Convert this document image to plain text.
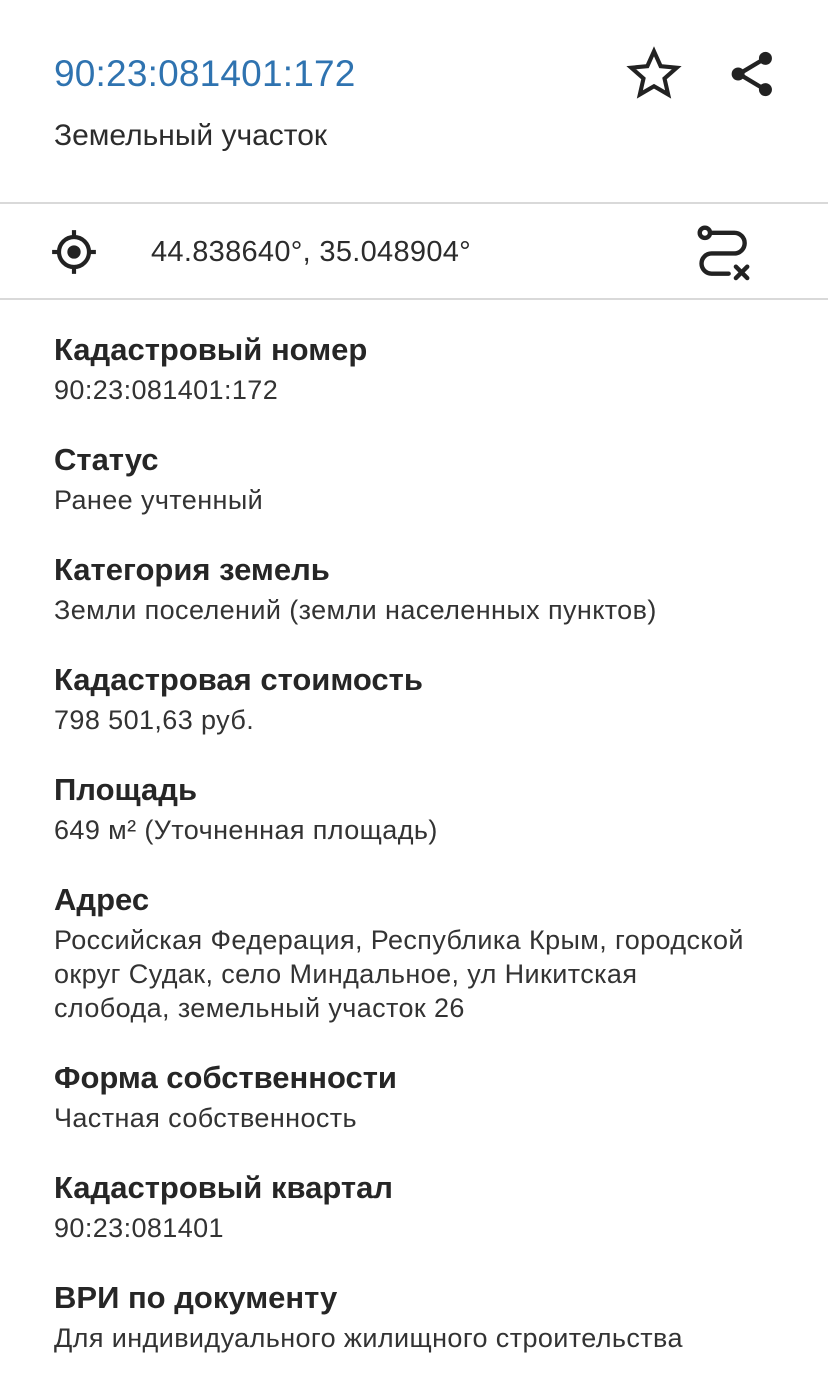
90:23:081401:172
Земельный участок
44.838640°, 35.048904°
Кадастровый номер
90:23:081401:172
Статус
Ранее учтенный
Категория земель
Земли поселений (земли населенных пунктов)
Кадастровая стоимость
798 501,63 руб.
Площадь
649 м² (Уточненная площадь)
Адрес
Российская Федерация, Республика Крым, городской округ Судак, село Миндальное, ул Никитская слобода, земельный участок 26
Форма собственности
Частная собственность
Кадастровый квартал
90:23:081401
ВРИ по документу
Для индивидуального жилищного строительства
